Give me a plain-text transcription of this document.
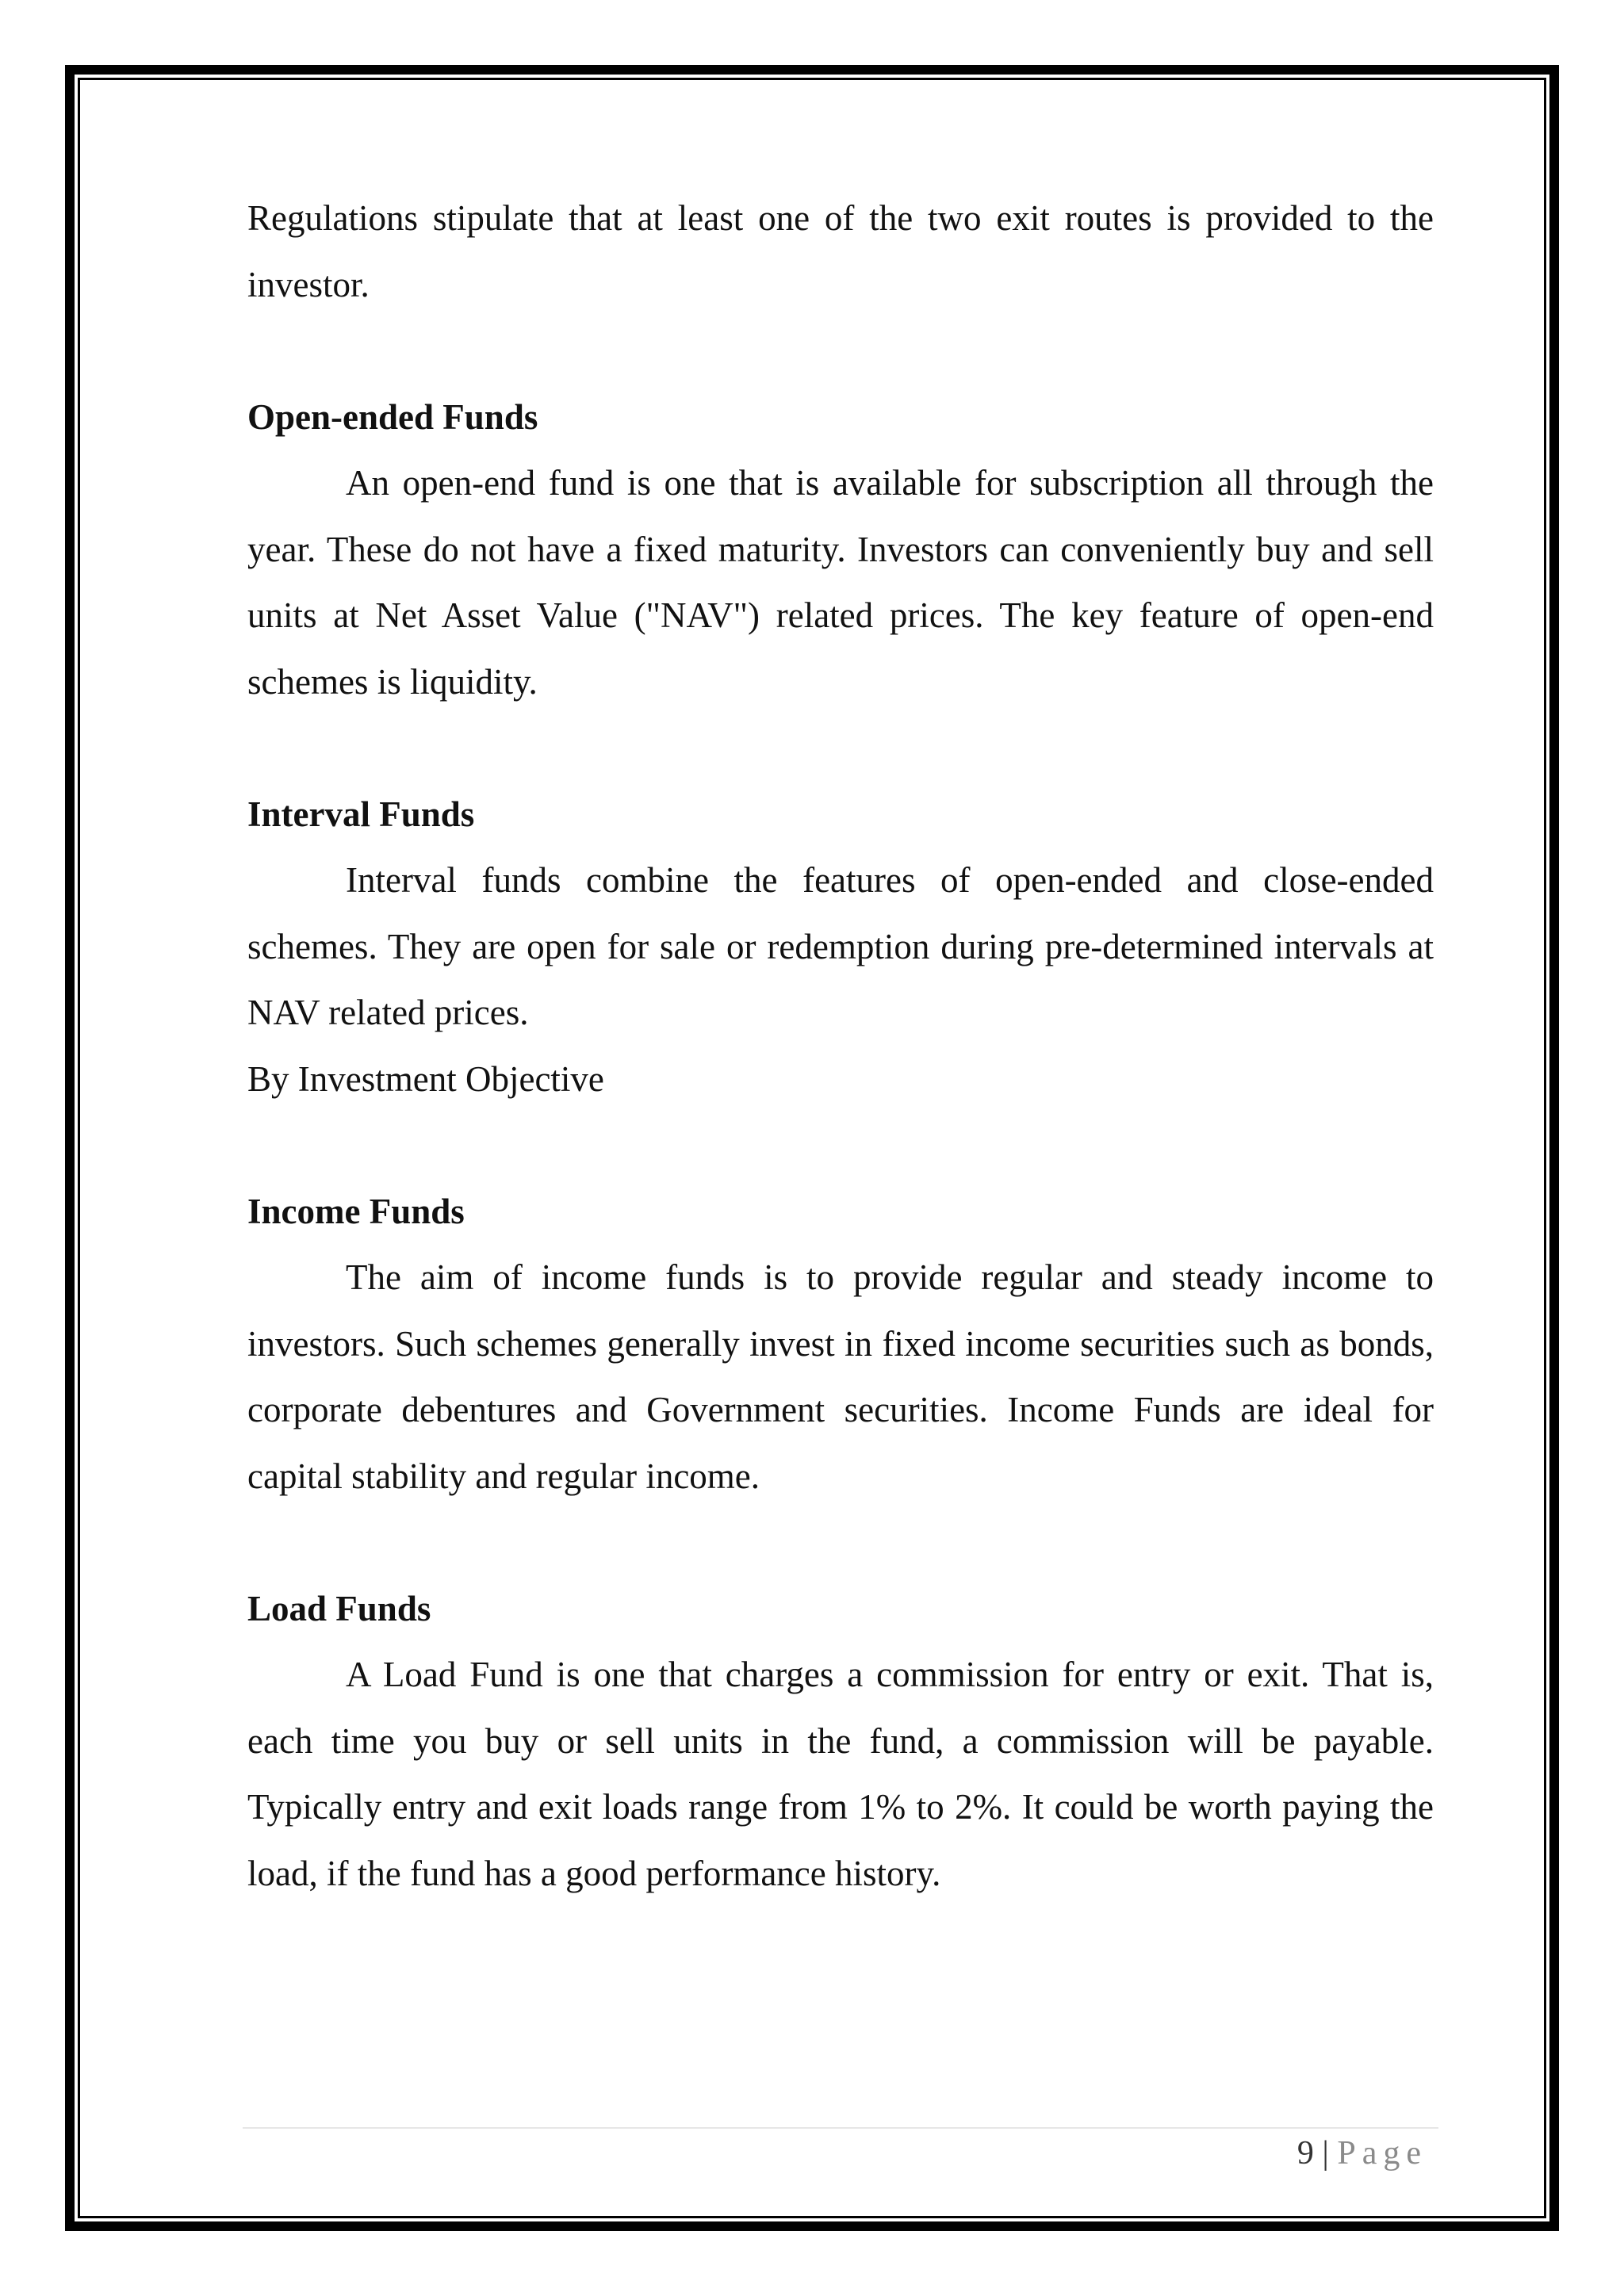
Regulations stipulate that at least one of the two exit routes is provided to the investor.

Open-ended Funds

An open-end fund is one that is available for subscription all through the year. These do not have a fixed maturity. Investors can conveniently buy and sell units at Net Asset Value ("NAV") related prices. The key feature of open-end schemes is liquidity.

Interval Funds

Interval funds combine the features of open-ended and close-ended schemes. They are open for sale or redemption during pre-determined intervals at NAV related prices.

By Investment Objective

Income Funds

The aim of income funds is to provide regular and steady income to investors. Such schemes generally invest in fixed income securities such as bonds, corporate debentures and Government securities. Income Funds are ideal for capital stability and regular income.

Load Funds

A Load Fund is one that charges a commission for entry or exit. That is, each time you buy or sell units in the fund, a commission will be payable. Typically entry and exit loads range from 1% to 2%. It could be worth paying the load, if the fund has a good performance history.

9 | Page
